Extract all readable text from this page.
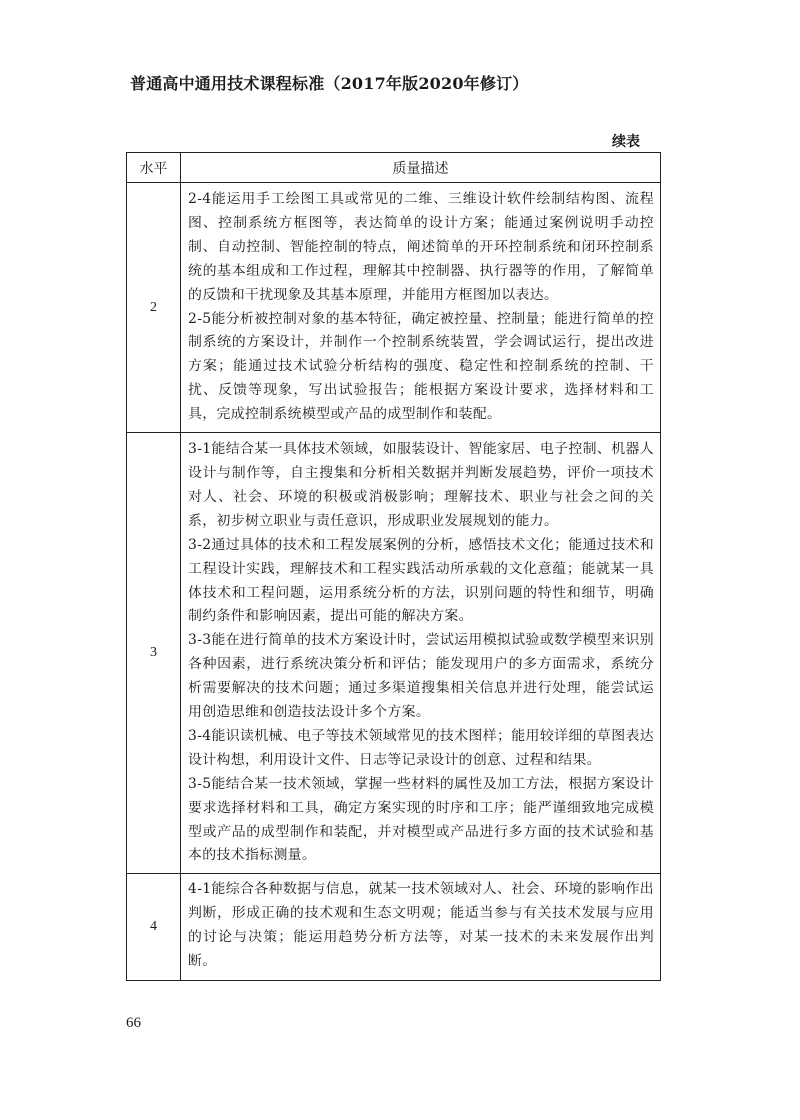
普通高中通用技术课程标准（2017年版2020年修订）
续表
水平	质量描述
2	2-4能运用手工绘图工具或常见的二维、三维设计软件绘制结构图、流程图、控制系统方框图等，表达简单的设计方案；能通过案例说明手动控制、自动控制、智能控制的特点，阐述简单的开环控制系统和闭环控制系统的基本组成和工作过程，理解其中控制器、执行器等的作用，了解简单的反馈和干扰现象及其基本原理，并能用方框图加以表达。

2-5能分析被控制对象的基本特征，确定被控量、控制量；能进行简单的控制系统的方案设计，并制作一个控制系统装置，学会调试运行，提出改进方案；能通过技术试验分析结构的强度、稳定性和控制系统的控制、干扰、反馈等现象，写出试验报告；能根据方案设计要求，选择材料和工具，完成控制系统模型或产品的成型制作和装配。

3	3-1能结合某一具体技术领域，如服装设计、智能家居、电子控制、机器人设计与制作等，自主搜集和分析相关数据并判断发展趋势，评价一项技术对人、社会、环境的积极或消极影响；理解技术、职业与社会之间的关系，初步树立职业与责任意识，形成职业发展规划的能力。

3-2通过具体的技术和工程发展案例的分析，感悟技术文化；能通过技术和工程设计实践，理解技术和工程实践活动所承载的文化意蕴；能就某一具体技术和工程问题，运用系统分析的方法，识别问题的特性和细节，明确制约条件和影响因素，提出可能的解决方案。

3-3能在进行简单的技术方案设计时，尝试运用模拟试验或数学模型来识别各种因素，进行系统决策分析和评估；能发现用户的多方面需求，系统分析需要解决的技术问题；通过多渠道搜集相关信息并进行处理，能尝试运用创造思维和创造技法设计多个方案。

3-4能识读机械、电子等技术领域常见的技术图样；能用较详细的草图表达设计构想，利用设计文件、日志等记录设计的创意、过程和结果。

3-5能结合某一技术领域，掌握一些材料的属性及加工方法，根据方案设计要求选择材料和工具，确定方案实现的时序和工序；能严谨细致地完成模型或产品的成型制作和装配，并对模型或产品进行多方面的技术试验和基本的技术指标测量。

4	4-1能综合各种数据与信息，就某一技术领域对人、社会、环境的影响作出判断，形成正确的技术观和生态文明观；能适当参与有关技术发展与应用的讨论与决策；能运用趋势分析方法等，对某一技术的未来发展作出判断。

66
